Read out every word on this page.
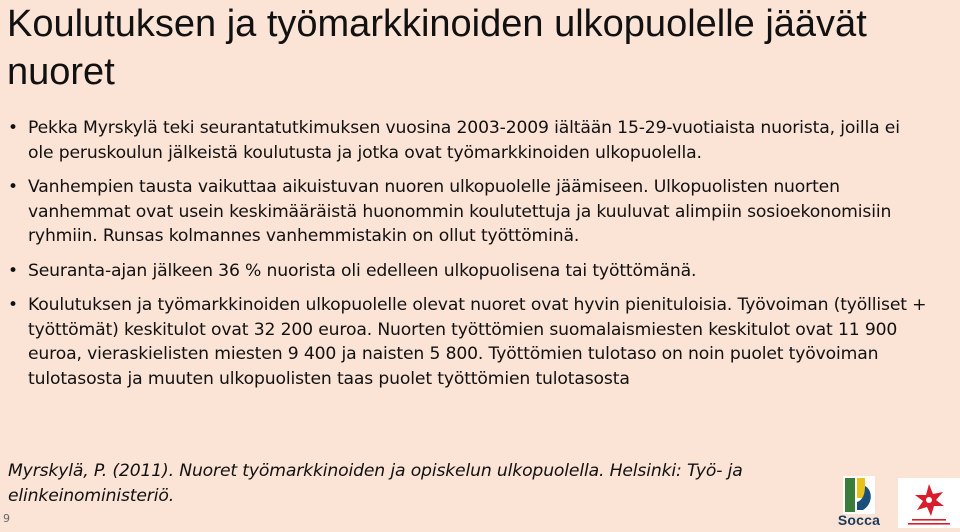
Koulutuksen ja työmarkkinoiden ulkopuolelle jäävät nuoret
• Pekka Myrskylä teki seurantatutkimuksen vuosina 2003-2009 iältään 15-29-vuotiaista nuorista, joilla ei ole peruskoulun jälkeistä koulutusta ja jotka ovat työmarkkinoiden ulkopuolella.
• Vanhempien tausta vaikuttaa aikuistuvan nuoren ulkopuolelle jäämiseen. Ulkopuolisten nuorten vanhemmat ovat usein keskimääräistä huonommin koulutettuja ja kuuluvat alimpiin sosioekonomisiin ryhmiin. Runsas kolmannes vanhemmistakin on ollut työttöminä.
• Seuranta-ajan jälkeen 36 % nuorista oli edelleen ulkopuolisena tai työttömänä.
• Koulutuksen ja työmarkkinoiden ulkopuolelle olevat nuoret ovat hyvin pienituloisia. Työvoiman (työlliset + työttömät) keskitulot ovat 32 200 euroa. Nuorten työttömien suomalaismiesten keskitulot ovat 11 900 euroa, vieraskielisten miesten 9 400 ja naisten 5 800. Työttömien tulotaso on noin puolet työvoiman tulotasosta ja muuten ulkopuolisten taas puolet työttömien tulotasosta

Myrskylä, P. (2011). Nuoret työmarkkinoiden ja opiskelun ulkopuolella. Helsinki: Työ- ja elinkeinoministeriö.

9	Socca
